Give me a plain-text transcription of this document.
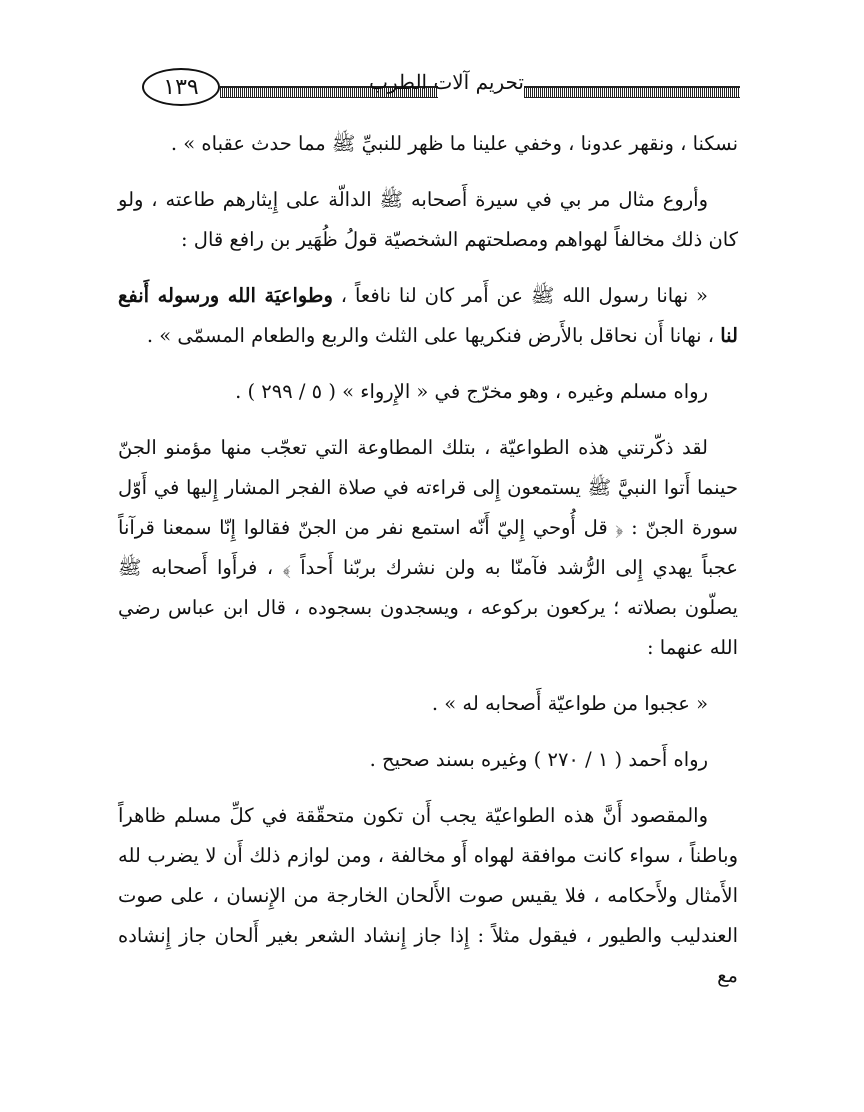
١٣٩	تحريم آلات الطرب

نسكنا ، ونقهر عدونا ، وخفي علينا ما ظهر للنبيِّ ﷺ مما حدث عقباه » .

وأروع مثال مر بي في سيرة أَصحابه ﷺ الدالّة على إِيثارهم طاعته ، ولو كان ذلك مخالفاً لهواهم ومصلحتهم الشخصيّة قولُ ظُهَير بن رافع قال :

« نهانا رسول الله ﷺ عن أَمر كان لنا نافعاً ، وطواعيَة الله ورسوله أَنفع لنا ، نهانا أَن نحاقل بالأَرض فنكريها على الثلث والربع والطعام المسمّى » .

رواه مسلم وغيره ، وهو مخرّج في « الإِرواء » ( ٥ / ٢٩٩ ) .

لقد ذكّرتني هذه الطواعيّة ، بتلك المطاوعة التي تعجّب منها مؤمنو الجنّ حينما أَتوا النبيَّ ﷺ يستمعون إِلى قراءته في صلاة الفجر المشار إِليها في أَوّل سورة الجنّ : ﴿ قل أُوحي إِليّ أَنّه استمع نفر من الجنّ فقالوا إِنّا سمعنا قرآناً عجباً يهدي إِلى الرُّشد فآمنّا به ولن نشرك بربّنا أَحداً ﴾ ، فرأَوا أَصحابه ﷺ يصلّون بصلاته ؛ يركعون بركوعه ، ويسجدون بسجوده ، قال ابن عباس رضي الله عنهما :

« عجبوا من طواعيّة أَصحابه له » .

رواه أَحمد ( ١ / ٢٧٠ ) وغيره بسند صحيح .

والمقصود أَنَّ هذه الطواعيّة يجب أَن تكون متحقّقة في كلِّ مسلم ظاهراً وباطناً ، سواء كانت موافقة لهواه أَو مخالفة ، ومن لوازم ذلك أَن لا يضرب لله الأَمثال ولأَحكامه ، فلا يقيس صوت الأَلحان الخارجة من الإِنسان ، على صوت العندليب والطيور ، فيقول مثلاً : إِذا جاز إِنشاد الشعر بغير أَلحان جاز إِنشاده مع
